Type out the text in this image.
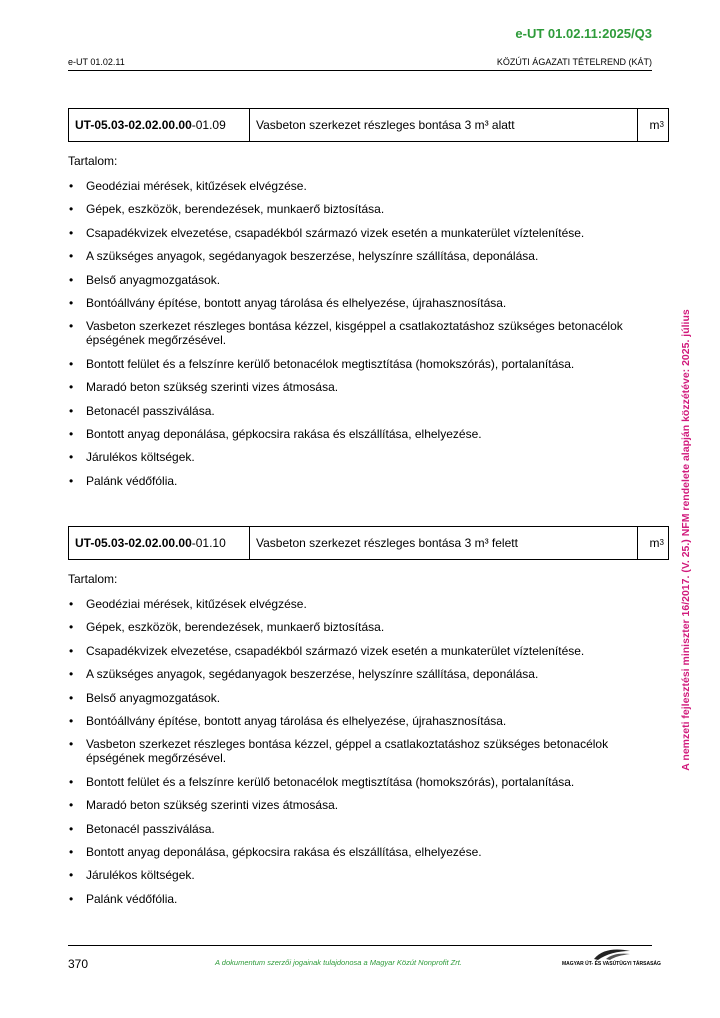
e-UT 01.02.11:2025/Q3
e-UT 01.02.11	KÖZÚTI ÁGAZATI TÉTELREND (KÁT)
A nemzeti fejlesztési miniszter 16/2017. (V. 25.) NFM rendelete alapján közzétéve: 2025. július
UT-05.03-02.02.00.00 -01.09	Vasbeton szerkezet részleges bontása 3 m³ alatt	m 3
Tartalom:
• Geodéziai mérések, kitűzések elvégzése.
• Gépek, eszközök, berendezések, munkaerő biztosítása.
• Csapadékvizek elvezetése, csapadékból származó vizek esetén a munkaterület víztelenítése.
• A szükséges anyagok, segédanyagok beszerzése, helyszínre szállítása, deponálása.
• Belső anyagmozgatások.
• Bontóállvány építése, bontott anyag tárolása és elhelyezése, újrahasznosítása.
• Vasbeton szerkezet részleges bontása kézzel, kisgéppel a csatlakoztatáshoz szükséges betonacélok épségének megőrzésével.
• Bontott felület és a felszínre kerülő betonacélok megtisztítása (homokszórás), portalanítása.
• Maradó beton szükség szerinti vizes átmosása.
• Betonacél passziválása.
• Bontott anyag deponálása, gépkocsira rakása és elszállítása, elhelyezése.
• Járulékos költségek.
• Palánk védőfólia.
UT-05.03-02.02.00.00 -01.10	Vasbeton szerkezet részleges bontása 3 m³ felett	m 3
Tartalom:
• Geodéziai mérések, kitűzések elvégzése.
• Gépek, eszközök, berendezések, munkaerő biztosítása.
• Csapadékvizek elvezetése, csapadékból származó vizek esetén a munkaterület víztelenítése.
• A szükséges anyagok, segédanyagok beszerzése, helyszínre szállítása, deponálása.
• Belső anyagmozgatások.
• Bontóállvány építése, bontott anyag tárolása és elhelyezése, újrahasznosítása.
• Vasbeton szerkezet részleges bontása kézzel, géppel a csatlakoztatáshoz szükséges betonacélok épségének megőrzésével.
• Bontott felület és a felszínre kerülő betonacélok megtisztítása (homokszórás), portalanítása.
• Maradó beton szükség szerinti vizes átmosása.
• Betonacél passziválása.
• Bontott anyag deponálása, gépkocsira rakása és elszállítása, elhelyezése.
• Járulékos költségek.
• Palánk védőfólia.
370	A dokumentum szerzői jogainak tulajdonosa a Magyar Közút Nonprofit Zrt.	MAGYAR ÚT- ÉS VASÚTÜGYI TÁRSASÁG
